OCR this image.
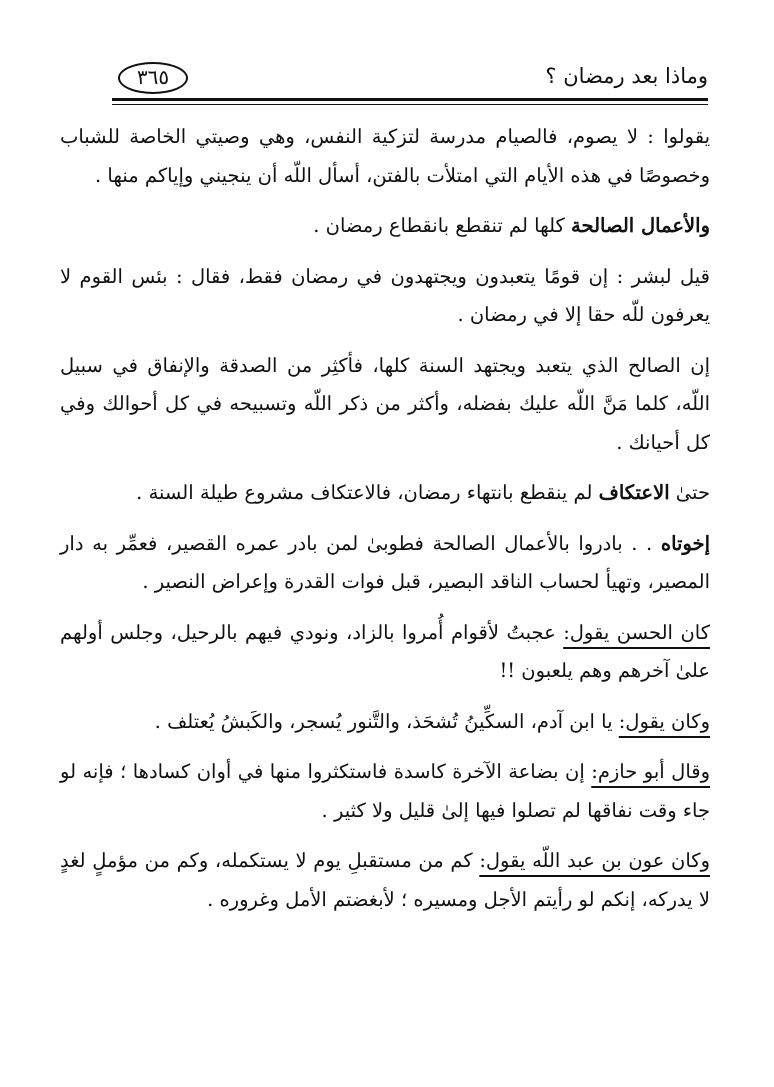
وماذا بعد رمضان ؟
٣٦٥

يقولوا : لا يصوم، فالصيام مدرسة لتزكية النفس، وهي وصيتي الخاصة للشباب وخصوصًا في هذه الأيام التي امتلأت بالفتن، أسأل اللّه أن ينجيني وإياكم منها .

والأعمال الصالحة كلها لم تنقطع بانقطاع رمضان .

قيل لبشر : إن قومًا يتعبدون ويجتهدون في رمضان فقط، فقال : بئس القوم لا يعرفون للّه حقا إلا في رمضان .

إن الصالح الذي يتعبد ويجتهد السنة كلها، فأكثِر من الصدقة والإنفاق في سبيل اللّه، كلما مَنَّ اللّه عليك بفضله، وأكثر من ذكر اللّه وتسبيحه في كل أحوالك وفي كل أحيانك .

حتىٰ الاعتكاف لم ينقطع بانتهاء رمضان، فالاعتكاف مشروع طيلة السنة .

إخوتاه . . بادروا بالأعمال الصالحة فطوبىٰ لمن بادر عمره القصير، فعمِّر به دار المصير، وتهيأ لحساب الناقد البصير، قبل فوات القدرة وإعراض النصير .

كان الحسن يقول: عجبتُ لأقوام أُمروا بالزاد، ونودي فيهم بالرحيل، وجلس أولهم علىٰ آخرهم وهم يلعبون !!

وكان يقول: يا ابن آدم، السكِّينُ تُشحَذ، والتَّنور يُسجر، والكَبشُ يُعتلف .

وقال أبو حازم: إن بضاعة الآخرة كاسدة فاستكثروا منها في أوان كسادها ؛ فإنه لو جاء وقت نفاقها لم تصلوا فيها إلىٰ قليل ولا كثير .

وكان عون بن عبد اللّه يقول: كم من مستقبلِ يوم لا يستكمله، وكم من مؤملٍ لغدٍ لا يدركه، إنكم لو رأيتم الأجل ومسيره ؛ لأبغضتم الأمل وغروره .
